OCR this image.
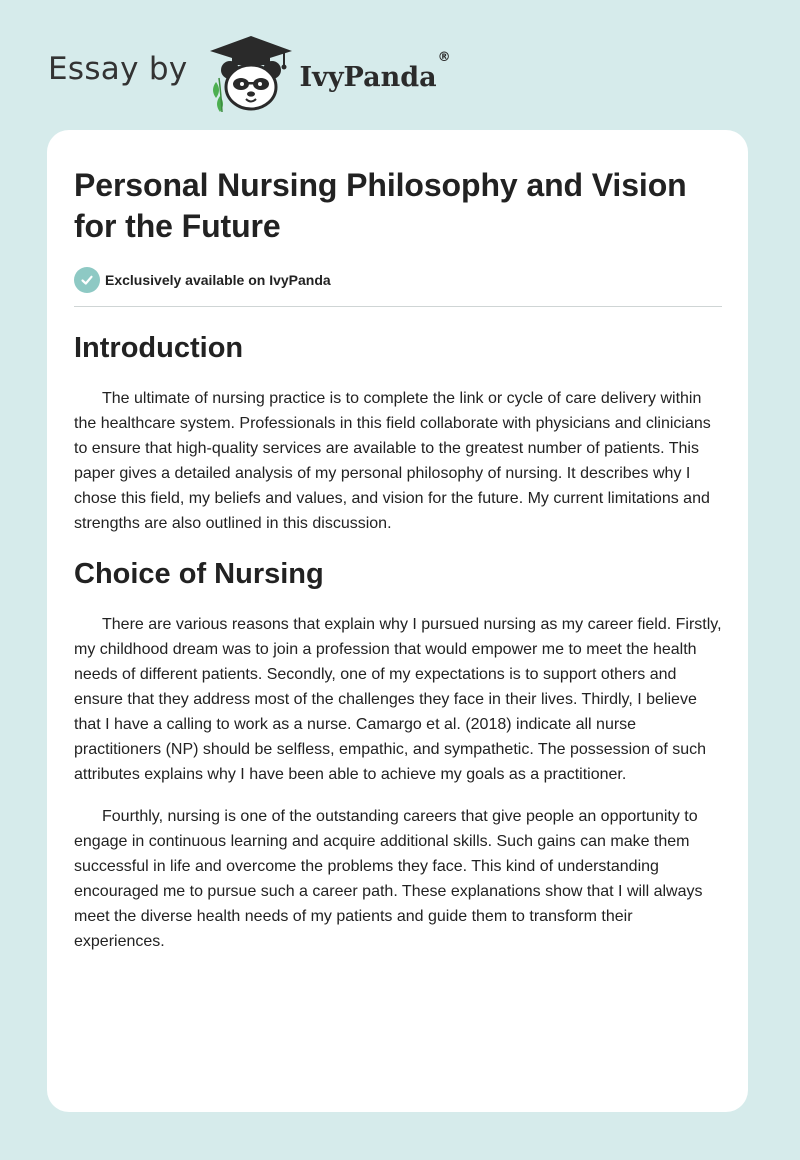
Essay by	IvyPanda®
Personal Nursing Philosophy and Vision for the Future
Exclusively available on IvyPanda
Introduction

The ultimate of nursing practice is to complete the link or cycle of care delivery within the healthcare system. Professionals in this field collaborate with physicians and clinicians to ensure that high-quality services are available to the greatest number of patients. This paper gives a detailed analysis of my personal philosophy of nursing. It describes why I chose this field, my beliefs and values, and vision for the future. My current limitations and strengths are also outlined in this discussion.

Choice of Nursing

There are various reasons that explain why I pursued nursing as my career field. Firstly, my childhood dream was to join a profession that would empower me to meet the health needs of different patients. Secondly, one of my expectations is to support others and ensure that they address most of the challenges they face in their lives. Thirdly, I believe that I have a calling to work as a nurse. Camargo et al. (2018) indicate all nurse practitioners (NP) should be selfless, empathic, and sympathetic. The possession of such attributes explains why I have been able to achieve my goals as a practitioner.

Fourthly, nursing is one of the outstanding careers that give people an opportunity to engage in continuous learning and acquire additional skills. Such gains can make them successful in life and overcome the problems they face. This kind of understanding encouraged me to pursue such a career path. These explanations show that I will always meet the diverse health needs of my patients and guide them to transform their experiences.
